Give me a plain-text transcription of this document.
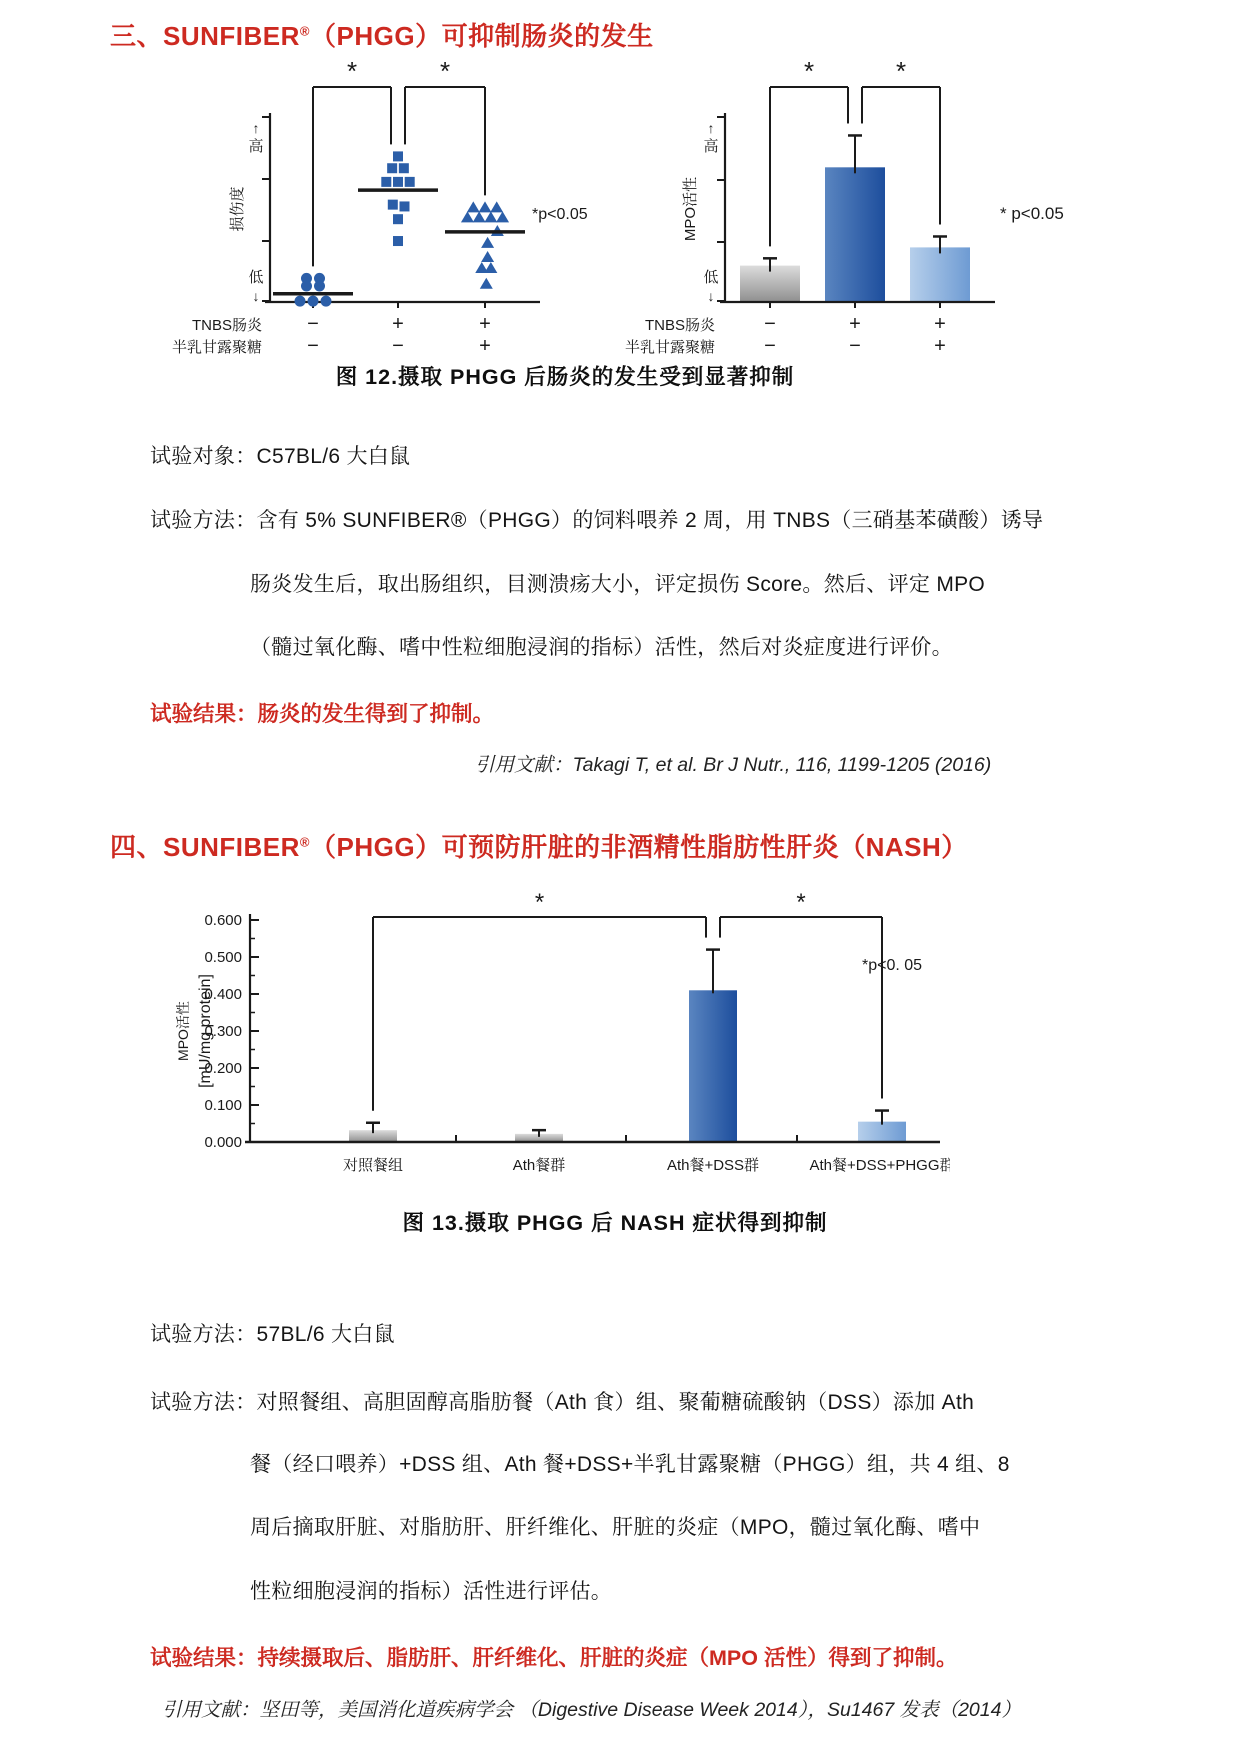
三、SUNFIBER®（PHGG）可抑制肠炎的发生
↑
高
低
↓
损伤度
*	*
TNBS肠炎 −	+	+
半乳甘露聚糖 −	−	+
*p<0.05
↑
高
低
↓
MPO活性
*	*
TNBS肠炎 −	+	+
半乳甘露聚糖 −	−	+
* p<0.05
图 12.摄取 PHGG 后肠炎的发生受到显著抑制
试验对象：C57BL/6 大白鼠
试验方法：含有 5% SUNFIBER®（PHGG）的饲料喂养 2 周，用 TNBS（三硝基苯磺酸）诱导
肠炎发生后，取出肠组织，目测溃疡大小，评定损伤 Score。然后、评定 MPO
（髓过氧化酶、嗜中性粒细胞浸润的指标）活性，然后对炎症度进行评价。
试验结果：肠炎的发生得到了抑制。
引用文献：Takagi T, et al. Br J Nutr., 116, 1199-1205 (2016)
四、SUNFIBER®（PHGG）可预防肝脏的非酒精性脂肪性肝炎（NASH）
0.000
0.100
0.200
0.300
0.400
0.500
0.600
MPO活性 [mU/mg protein]
对照餐组	Ath餐群	Ath餐+DSS群	Ath餐+DSS+PHGG群
*	*
*p<0. 05
图 13.摄取 PHGG 后 NASH 症状得到抑制
试验方法：57BL/6 大白鼠
试验方法：对照餐组、高胆固醇高脂肪餐（Ath 食）组、聚葡糖硫酸钠（DSS）添加 Ath
餐（经口喂养）+DSS 组、Ath 餐+DSS+半乳甘露聚糖（PHGG）组，共 4 组、8
周后摘取肝脏、对脂肪肝、肝纤维化、肝脏的炎症（MPO，髓过氧化酶、嗜中
性粒细胞浸润的指标）活性进行评估。
试验结果：持续摄取后、脂肪肝、肝纤维化、肝脏的炎症（MPO 活性）得到了抑制。
引用文献：坚田等，美国消化道疾病学会 （Digestive Disease Week 2014），Su1467 发表（2014）
